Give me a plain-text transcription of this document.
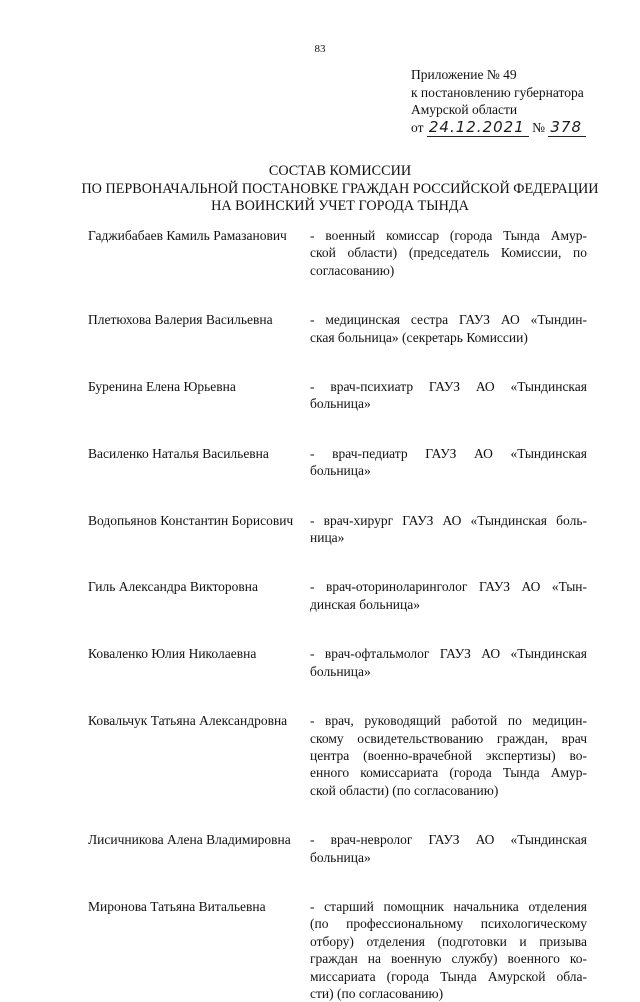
83
Приложение № 49
к постановлению губернатора
Амурской области
от 24.12.2021 № 378
СОСТАВ КОМИССИИ
ПО ПЕРВОНАЧАЛЬНОЙ ПОСТАНОВКЕ ГРАЖДАН РОССИЙСКОЙ ФЕДЕРАЦИИ
НА ВОИНСКИЙ УЧЕТ ГОРОДА ТЫНДА
Гаджибабаев Камиль Рамазанович	- военный комиссар (города Тында Амур-
ской области) (председатель Комиссии, по
согласованию)
Плетюхова Валерия Васильевна	- медицинская сестра ГАУЗ АО «Тындин-
ская больница» (секретарь Комиссии)
Буренина Елена Юрьевна	- врач-психиатр ГАУЗ АО «Тындинская
больница»
Василенко Наталья Васильевна	- врач-педиатр ГАУЗ АО «Тындинская
больница»
Водопьянов Константин Борисович	- врач-хирург ГАУЗ АО «Тындинская боль-
ница»
Гиль Александра Викторовна	- врач-оториноларинголог ГАУЗ АО «Тын-
динская больница»
Коваленко Юлия Николаевна	- врач-офтальмолог ГАУЗ АО «Тындинская
больница»
Ковальчук Татьяна Александровна	- врач, руководящий работой по медицин-
скому освидетельствованию граждан, врач
центра (военно-врачебной экспертизы) во-
енного комиссариата (города Тында Амур-
ской области) (по согласованию)
Лисичникова Алена Владимировна	- врач-невролог ГАУЗ АО «Тындинская
больница»
Миронова Татьяна Витальевна	- старший помощник начальника отделения
(по профессиональному психологическому
отбору) отделения (подготовки и призыва
граждан на военную службу) военного ко-
миссариата (города Тында Амурской обла-
сти) (по согласованию)
